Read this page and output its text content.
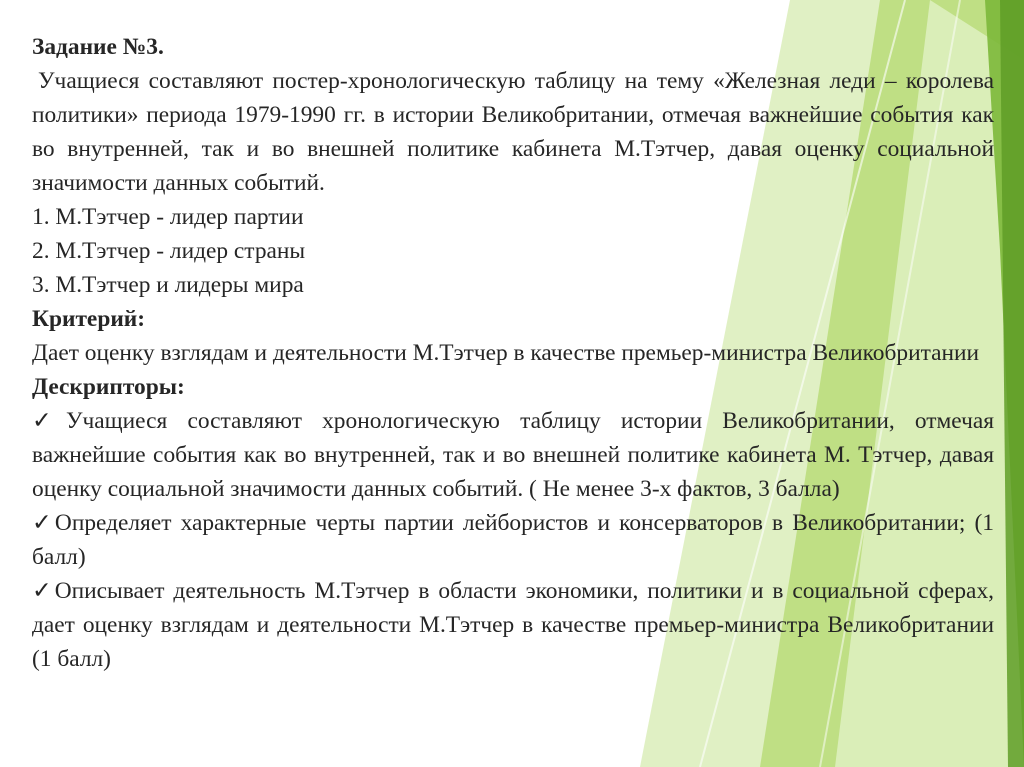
Задание №3.

Учащиеся составляют постер-хронологическую таблицу на тему «Железная леди – королева политики» периода 1979-1990 гг. в истории Великобритании, отмечая важнейшие события как во внутренней, так и во внешней политике кабинета М.Тэтчер, давая оценку социальной значимости данных событий.

1. М.Тэтчер - лидер партии

2. М.Тэтчер - лидер страны

3. М.Тэтчер и лидеры мира

Критерий:

Дает оценку взглядам и деятельности М.Тэтчер в качестве премьер-министра Великобритании

Дескрипторы:

✓Учащиеся составляют хронологическую таблицу истории Великобритании, отмечая важнейшие события как во внутренней, так и во внешней политике кабинета М. Тэтчер, давая оценку социальной значимости данных событий. ( Не менее 3-х фактов, 3 балла)

✓Определяет характерные черты партии лейбористов и консерваторов в Великобритании; (1 балл)

✓Описывает деятельность М.Тэтчер в области экономики, политики и в социальной сферах, дает оценку взглядам и деятельности М.Тэтчер в качестве премьер-министра Великобритании (1 балл)
